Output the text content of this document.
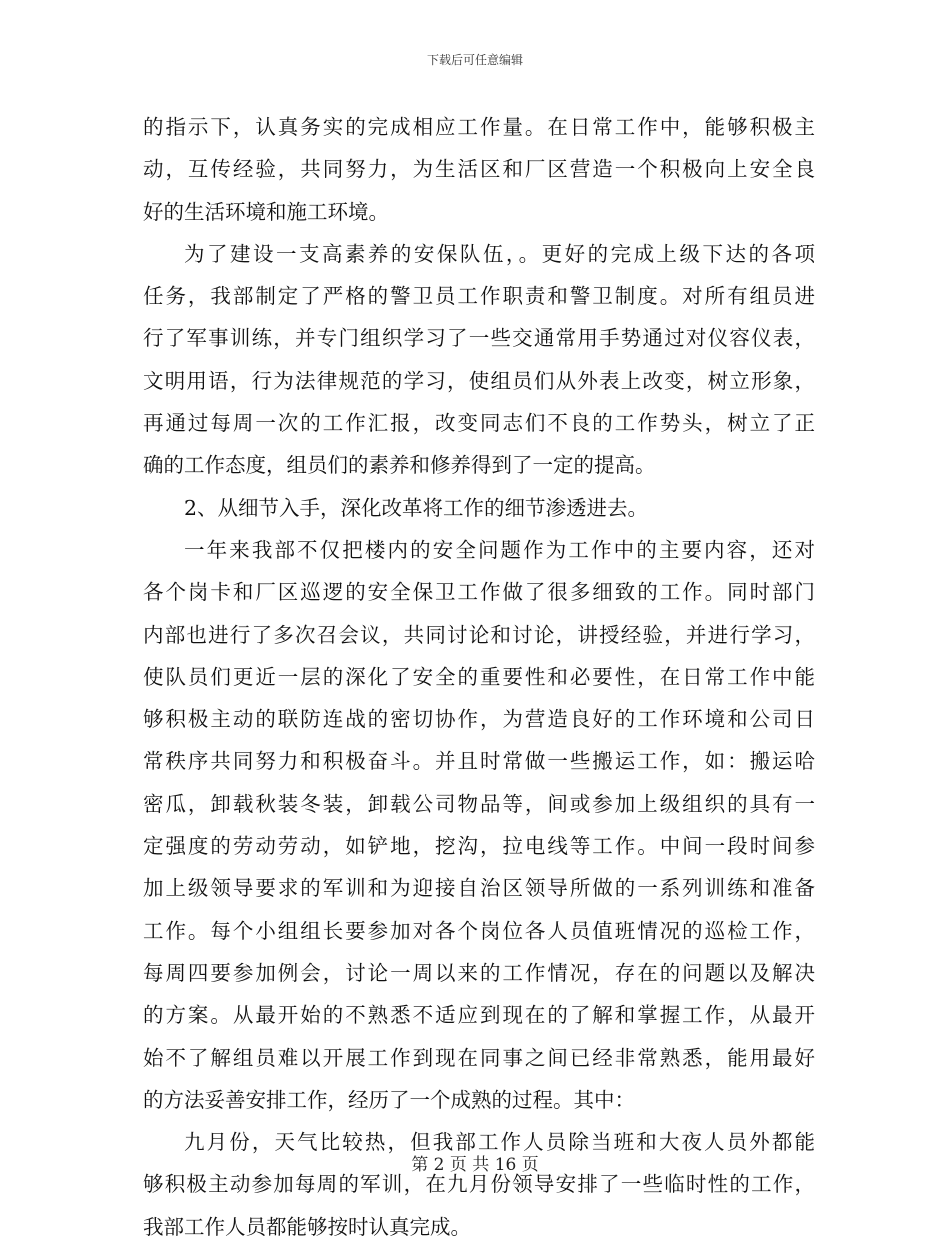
下载后可任意编辑
的指示下，认真务实的完成相应工作量。在日常工作中，能够积极主
动，互传经验，共同努力，为生活区和厂区营造一个积极向上安全良
好的生活环境和施工环境。
为了建设一支高素养的安保队伍，。更好的完成上级下达的各项
任务，我部制定了严格的警卫员工作职责和警卫制度。对所有组员进
行了军事训练，并专门组织学习了一些交通常用手势通过对仪容仪表，
文明用语，行为法律规范的学习，使组员们从外表上改变，树立形象，
再通过每周一次的工作汇报，改变同志们不良的工作势头，树立了正
确的工作态度，组员们的素养和修养得到了一定的提高。
2、从细节入手，深化改革将工作的细节渗透进去。
一年来我部不仅把楼内的安全问题作为工作中的主要内容，还对
各个岗卡和厂区巡逻的安全保卫工作做了很多细致的工作。同时部门
内部也进行了多次召会议，共同讨论和讨论，讲授经验，并进行学习，
使队员们更近一层的深化了安全的重要性和必要性，在日常工作中能
够积极主动的联防连战的密切协作，为营造良好的工作环境和公司日
常秩序共同努力和积极奋斗。并且时常做一些搬运工作，如：搬运哈
密瓜，卸载秋装冬装，卸载公司物品等，间或参加上级组织的具有一
定强度的劳动劳动，如铲地，挖沟，拉电线等工作。中间一段时间参
加上级领导要求的军训和为迎接自治区领导所做的一系列训练和准备
工作。每个小组组长要参加对各个岗位各人员值班情况的巡检工作，
每周四要参加例会，讨论一周以来的工作情况，存在的问题以及解决
的方案。从最开始的不熟悉不适应到现在的了解和掌握工作，从最开
始不了解组员难以开展工作到现在同事之间已经非常熟悉，能用最好
的方法妥善安排工作，经历了一个成熟的过程。其中：
九月份，天气比较热，但我部工作人员除当班和大夜人员外都能
够积极主动参加每周的军训，在九月份领导安排了一些临时性的工作，
我部工作人员都能够按时认真完成。
第 2 页 共 16 页
